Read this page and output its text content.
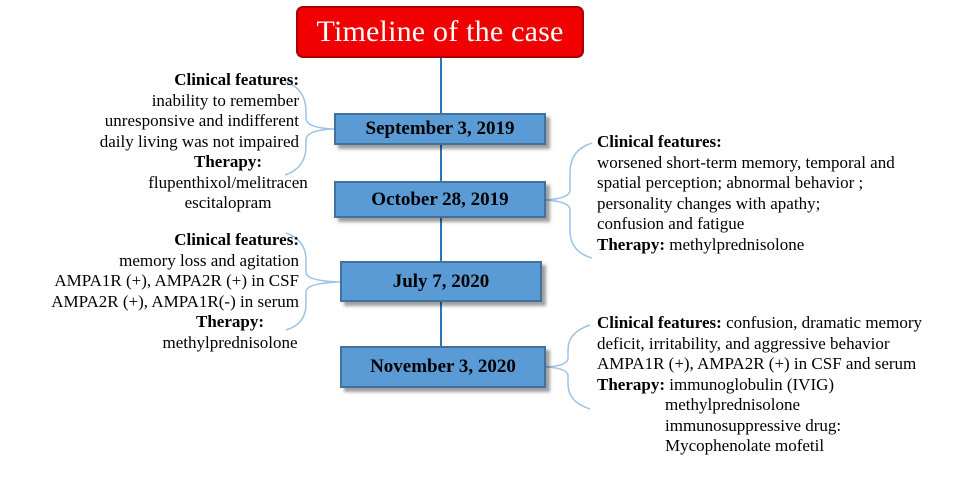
Timeline of the case
September 3, 2019
October 28, 2019
July 7, 2020
November 3, 2020
Clinical features:
inability to remember
unresponsive and indifferent
daily living was not impaired
Therapy:
flupenthixol/melitracen
escitalopram
Clinical features:
worsened short-term memory, temporal and
spatial perception; abnormal behavior ;
personality changes with apathy;
confusion and fatigue
Therapy: methylprednisolone
Clinical features:
memory loss and agitation
AMPA1R (+), AMPA2R (+) in CSF
AMPA2R (+), AMPA1R(-) in serum
Therapy:
methylprednisolone
Clinical features: confusion, dramatic memory
deficit, irritability, and aggressive behavior
AMPA1R (+), AMPA2R (+) in CSF and serum
Therapy: immunoglobulin (IVIG)
methylprednisolone
immunosuppressive drug:
Mycophenolate mofetil
